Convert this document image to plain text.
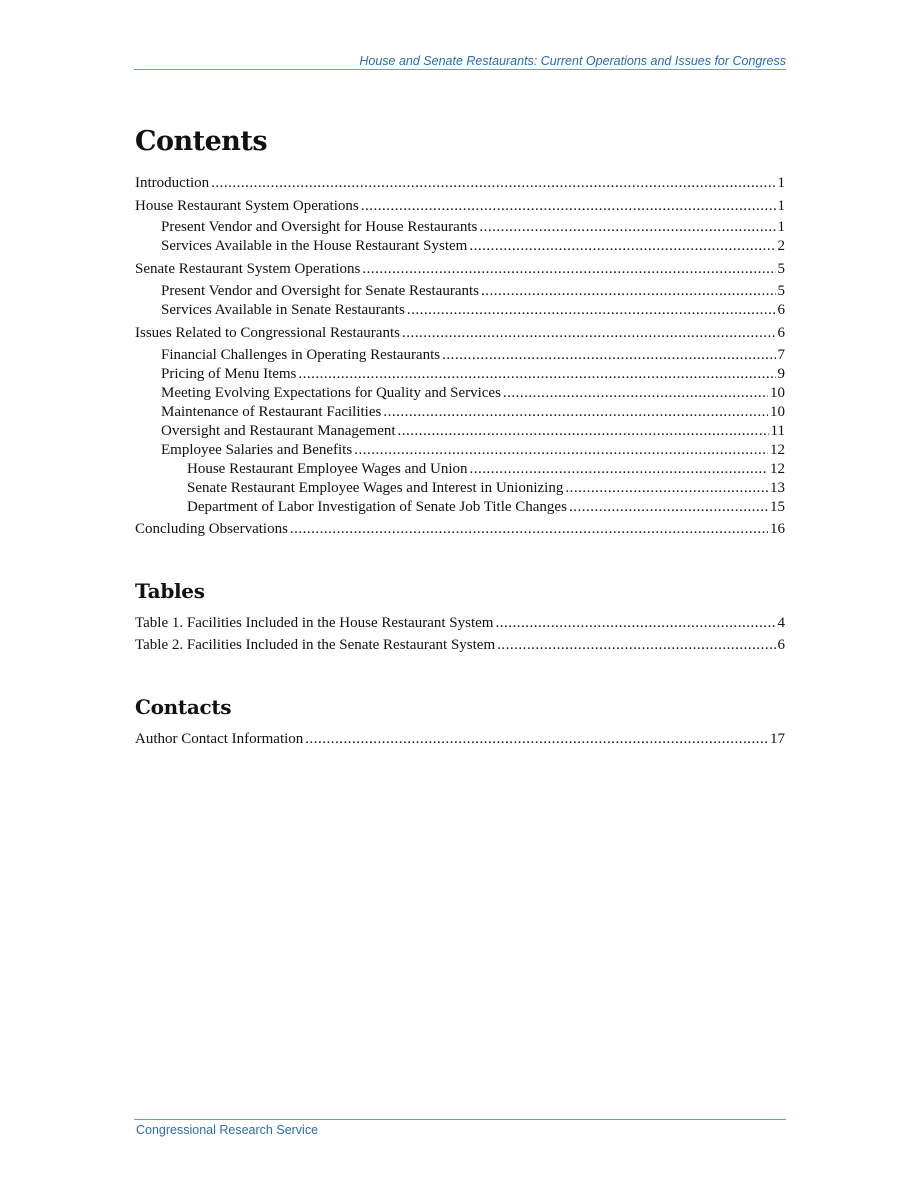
House and Senate Restaurants: Current Operations and Issues for Congress
Contents
Introduction .....	1
House Restaurant System Operations .....	1
Present Vendor and Oversight for House Restaurants .....	1
Services Available in the House Restaurant System .....	2
Senate Restaurant System Operations .....	5
Present Vendor and Oversight for Senate Restaurants .....	5
Services Available in Senate Restaurants .....	6
Issues Related to Congressional Restaurants .....	6
Financial Challenges in Operating Restaurants .....	7
Pricing of Menu Items .....	9
Meeting Evolving Expectations for Quality and Services .....	10
Maintenance of Restaurant Facilities .....	10
Oversight and Restaurant Management .....	11
Employee Salaries and Benefits .....	12
House Restaurant Employee Wages and Union .....	12
Senate Restaurant Employee Wages and Interest in Unionizing .....	13
Department of Labor Investigation of Senate Job Title Changes .....	15
Concluding Observations .....	16
Tables
Table 1. Facilities Included in the House Restaurant System .....	4
Table 2. Facilities Included in the Senate Restaurant System .....	6
Contacts
Author Contact Information .....	17
Congressional Research Service
